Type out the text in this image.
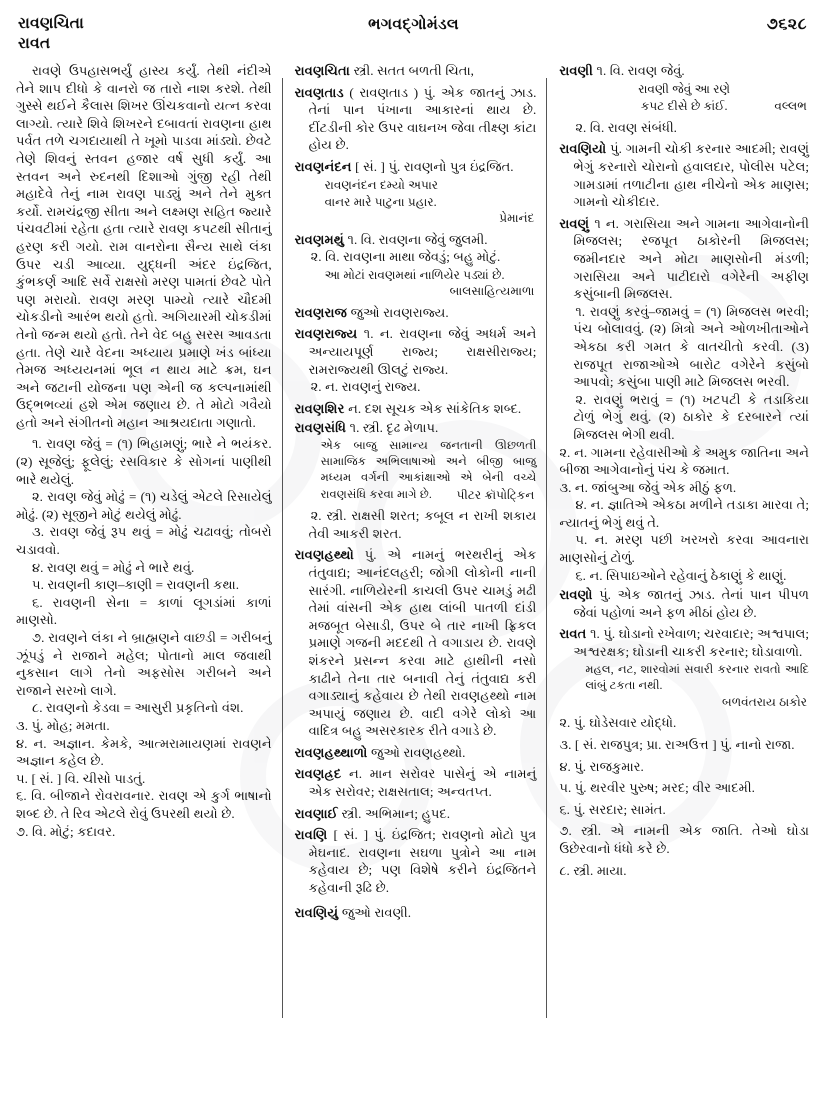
રાવણચિતા
રાવત
ભગવદ્ગોમંડલ	૭૬૨૮

રાવણે ઉપહાસભર્યું હાસ્ય કર્યું. તેથી નંદીએ તેને શાપ દીધો કે વાનરો જ તારો નાશ કરશે. તેથી ગુસ્સે થઈને કૈલાસ શિખર ઊંચકવાનો યત્ન કરવા લાગ્યો. ત્યારે શિવે શિખરને દબાવતાં રાવણના હાથ પર્વત તળે ચગદાયાથી તે ખૂમો પાડવા માંડ્યો. છેવટે તેણે શિવનું સ્તવન હજાર વર્ષ સુધી કર્યું. આ સ્તવન અને રુદનથી દિશાઓ ગુંજી રહી તેથી મહાદેવે તેનું નામ રાવણ પાડ્યું અને તેને મુક્ત કર્યો. રામચંદ્રજી સીતા અને લક્ષ્મણ સહિત જ્યારે પંચવટીમાં રહેતા હતા ત્યારે રાવણ કપટથી સીતાનું હરણ કરી ગયો. રામ વાનરોના સૈન્ય સાથે લંકા ઉપર ચડી આવ્યા. યુદ્ધની અંદર ઇંદ્રજિત, કુંભકર્ણ આદિ સર્વે રાક્ષસો મરણ પામતાં છેવટે પોતે પણ મરાયો. રાવણ મરણ પામ્યો ત્યારે ચૌદમી ચોકડીનો આરંભ થયો હતો. અગિયારમી ચોકડીમાં તેનો જન્મ થયો હતો. તેને વેદ બહુ સરસ આવડતા હતા. તેણે ચારે વેદના અધ્યાય પ્રમાણે ખંડ બાંધ્યા તેમજ અધ્યયનમાં ભૂલ ન થાય માટે ક્રમ, ઘન અને જટાની યોજના પણ એની જ કલ્પનામાંથી ઉદ્ભભવ્યાં હશે એમ જણાય છે. તે મોટો ગવૈયો હતો અને સંગીતનો મહાન આશ્રયદાતા ગણાતો.

૧. રાવણ જેવું = (૧) ભિહામણું; ભારે ને ભયંકર. (૨) સૂજેલું; ફૂલેલું; રસવિકાર કે સોગનાં પાણીથી ભારે થયેલું.

૨. રાવણ જેવું મોઢું = (૧) ચડેલું એટલે રિસાયેલું મોઢું. (૨) સૂજીને મોટું થયેલું મોઢું.

૩. રાવણ જેવું રૂપ થવું = મોઢું ચઢાવવું; તોબરો ચડાવવો.

૪. રાવણ થવું = મોઢું ને ભારે થવું.

૫. રાવણની કાણ–કાણી = રાવણની કથા.

૬. રાવણની સેના = કાળાં લૂગડાંમાં કાળાં માણસો.

૭. રાવણને લંકા ને બ્રાહ્મણને વાછડી = ગરીબનું ઝૂંપડું ને રાજાને મહેલ; પોતાનો માલ જવાથી નુકસાન લાગે તેનો અફસોસ ગરીબને અને રાજાને સરખો લાગે.

૮. રાવણનો કેડવા = આસુરી પ્રકૃતિનો વંશ.

૩. પું. મોહ; મમતા.

૪. ન. અજ્ઞાન. કેમકે, આત્મરામાયણમાં રાવણને અજ્ઞાન કહેલ છે.

૫. [ સં. ] વિ. ચીસો પાડતું.

૬. વિ. બીજાને રોવરાવનાર. રાવણ એ કુર્ગ ભાષાનો શબ્દ છે. તે રિવ એટલે રોવું ઉપરથી થયો છે.

૭. વિ. મોટું; કદાવર.

રાવણચિતા સ્ત્રી. સતત બળતી ચિતા,

રાવણતાડ ( રાવણતાડ ) પું. એક જાતનું ઝાડ. તેનાં પાન પંખાના આકારનાં થાય છે. દીંટડીની કોર ઉપર વાઘનખ જેવા તીક્ષ્ણ કાંટા હોય છે.

રાવણનંદન [ સં. ] પું. રાવણનો પુત્ર ઇંદ્રજિત.

રાવણનંદન દમ્યો અપાર

વાનર મારે પાટુના પ્રહાર.

પ્રેમાનંદ

રાવણમથું ૧. વિ. રાવણના જેવું જુલમી.

૨. વિ. રાવણના માથા જેવડું; બહુ મોટું.

આ મોટાં રાવણમથાં નાળિયેર પડ્યાં છે.

બાલસાહિત્યમાળા

રાવણરાજ જુઓ રાવણરાજ્ય.

રાવણરાજ્ય ૧. ન. રાવણના જેવું અધર્મ અને અન્યાયપૂર્ણ રાજ્ય; રાક્ષસીરાજ્ય; રામરાજ્યથી ઊલટું રાજ્ય.

૨. ન. રાવણનું રાજ્ય.

રાવણશિર ન. દશ સૂચક એક સાંકેતિક શબ્દ.

રાવણસંધિ ૧. સ્ત્રી. દૃઢ મેળાપ.

એક બાજુ સામાન્ય જનતાની ઊછળતી સામાજિક અભિલાષાઓ અને બીજી બાજુ મધ્યમ વર્ગની આકાંક્ષાઓ એ બેની વચ્ચે રાવણસંધિ કરવા માગે છે.	પીટર ક્રૉપોટ્કિન

૨. સ્ત્રી. રાક્ષસી શરત; કબૂલ ન રાખી શકાય તેવી આકરી શરત.

રાવણહથ્થો પું. એ નામનું ભરથરીનું એક તંતુવાદ્ય; આનંદલહરી; જોગી લોકોની નાની સારંગી. નાળિયેરની કાચલી ઉપર ચામડું મઢી તેમાં વાંસની એક હાથ લાંબી પાતળી દાંડી મજબૂત બેસાડી, ઉપર બે તાર નાખી ફ્રિકલ પ્રમાણે ગજની મદદથી તે વગાડાય છે. રાવણે શંકરને પ્રસન્ન કરવા માટે હાથીની નસો કાઢીને તેના તાર બનાવી તેનું તંતુવાદ્ય કરી વગાડ્યાનું કહેવાય છે તેથી રાવણહથ્થો નામ અપાયું જણાય છે. વાદી વગેરે લોકો આ વાદિત્ર બહુ અસરકારક રીતે વગાડે છે.

રાવણહથ્થાળો જુઓ રાવણહથ્થો.

રાવણહ્રદ ન. માન સરોવર પાસેનું એ નામનું એક સરોવર; રાક્ષસતાલ; અન્વતપ્ત.

રાવણાઈ સ્ત્રી. અભિમાન; હુપદ.

રાવણિ [ સં. ] પું. ઇંદ્રજિત; રાવણનો મોટો પુત્ર મેઘનાદ. રાવણના સઘળા પુત્રોને આ નામ કહેવાય છે; પણ વિશેષે કરીને ઇંદ્રજિતને કહેવાની રૂઢિ છે.

રાવણિયું જુઓ રાવણી.

રાવણી ૧. વિ. રાવણ જેવું.

રાવણી જેવું આ રણે

કપટ દીસે છે કાંઈ.	વલ્લભ

૨. વિ. રાવણ સંબંધી.

રાવણિયો પું. ગામની ચોકી કરનાર આદમી; રાવણું ભેગું કરનારો ચોરાનો હવાલદાર, પોલીસ પટેલ; ગામડામાં તળાટીના હાથ નીચેનો એક માણસ; ગામનો ચોકીદાર.

રાવણું ૧ ન. ગરાસિયા અને ગામના આગેવાનોની મિજલસ; રજપૂત ઠાકોરની મિજલસ; જમીનદાર અને મોટા માણસોની મંડળી; ગરાસિયા અને પાટીદારો વગેરેની અફીણ કસુંબાની મિજલસ.

૧. રાવણું કરવું–જામવું = (૧) મિજલસ ભરવી; પંચ બોલાવવું. (૨) મિત્રો અને ઓળખીતાઓને એકઠા કરી ગમત કે વાતચીતો કરવી. (૩) રાજપૂત રાજાઓએ બારોટ વગેરેને કસુંબો આપવો; કસુંબા પાણી માટે મિજલસ ભરવી.

૨. રાવણું ભરાવું = (૧) ખટપટી કે તડાકિયા ટોળું ભેગું થવું. (૨) ઠાકોર કે દરબારને ત્યાં મિજલસ ભેગી થવી.

૨. ન. ગામના રહેવાસીઓ કે અમુક જાતિના અને બીજા આગેવાનોનું પંચ કે જમાત.

૩. ન. જાંબુઆ જેવું એક મીઠું ફળ.

૪. ન. જ્ઞાતિએ એકઠા મળીને તડાકા મારવા તે; ન્યાતનું ભેગું થવું તે.

૫. ન. મરણ પછી ખરખરો કરવા આવનારા માણસોનું ટોળું.

૬. ન. સિપાઇઓને રહેવાનું ઠેકાણું કે થાણું.

રાવણો પું. એક જાતનું ઝાડ. તેનાં પાન પીપળ જેવાં પહોળાં અને ફળ મીઠાં હોય છે.

રાવત ૧. પું. ઘોડાનો રખેવાળ; ચરવાદાર; અશ્વપાલ; અશ્વરક્ષક; ઘોડાની ચાકરી કરનાર; ઘોડાવાળો.

મહલ, નટ, શારવોમાં સવારી કરનાર રાવતો આદિ લાંબું ટકતા નથી.

બળવંતરાય ઠાકોર

૨. પું. ઘોડેસવાર યોદ્ધો.

૩. [ સં. રાજપુત્ર; પ્રા. રાઅઉત્ત ] પું. નાનો રાજા.

૪. પું. રાજકુમાર.

૫. પું. થરવીર પુરુષ; મરદ; વીર આદમી.

૬. પું. સરદાર; સામંત.

૭. સ્ત્રી. એ નામની એક જાતિ. તેઓ ઘોડા ઉછેરવાનો ધંધો કરે છે.

૮. સ્ત્રી. માયા.
